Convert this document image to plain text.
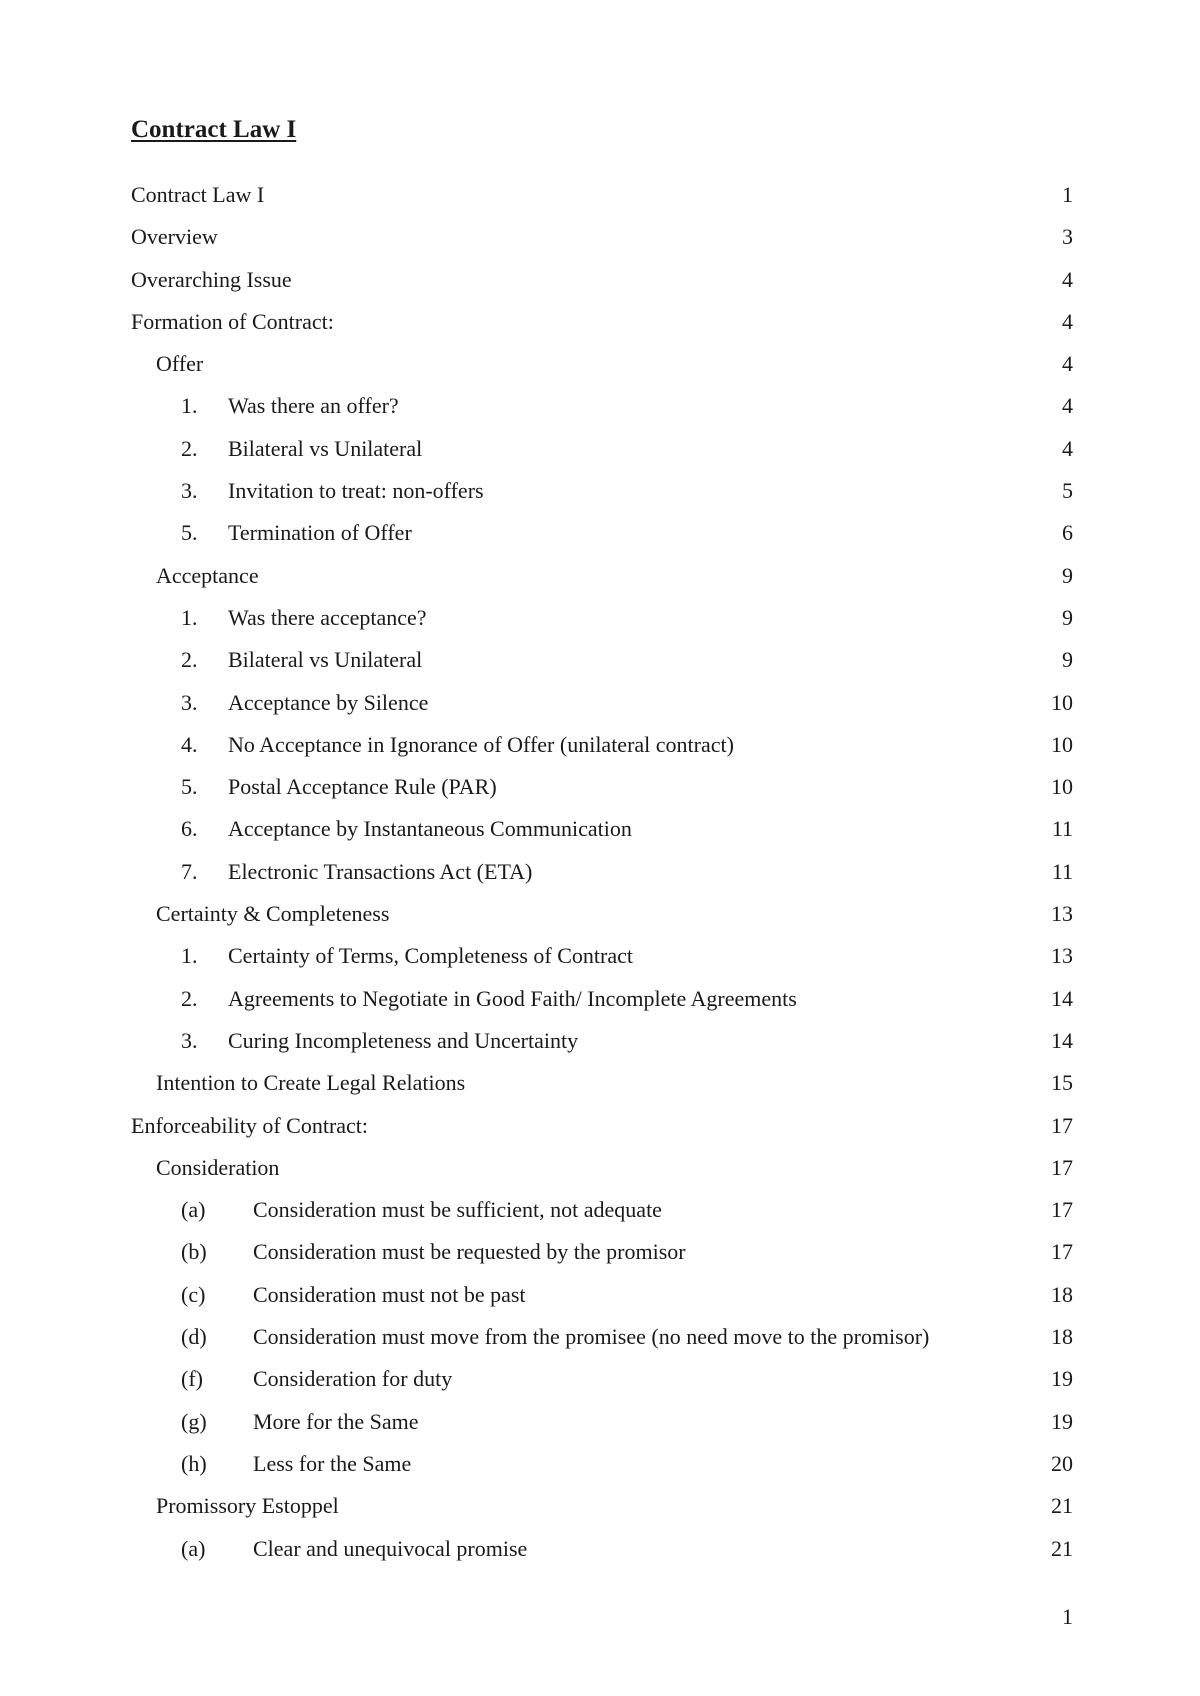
Contract Law I
Contract Law I	1
Overview	3
Overarching Issue	4
Formation of Contract:	4
Offer	4
1. Was there an offer?	4
2. Bilateral vs Unilateral	4
3. Invitation to treat: non-offers	5
5. Termination of Offer	6
Acceptance	9
1. Was there acceptance?	9
2. Bilateral vs Unilateral	9
3. Acceptance by Silence	10
4. No Acceptance in Ignorance of Offer (unilateral contract)	10
5. Postal Acceptance Rule (PAR)	10
6. Acceptance by Instantaneous Communication	11
7. Electronic Transactions Act (ETA)	11
Certainty & Completeness	13
1. Certainty of Terms, Completeness of Contract	13
2. Agreements to Negotiate in Good Faith/ Incomplete Agreements	14
3. Curing Incompleteness and Uncertainty	14
Intention to Create Legal Relations	15
Enforceability of Contract:	17
Consideration	17
(a) Consideration must be sufficient, not adequate	17
(b) Consideration must be requested by the promisor	17
(c) Consideration must not be past	18
(d) Consideration must move from the promisee (no need move to the promisor)	18
(f) Consideration for duty	19
(g) More for the Same	19
(h) Less for the Same	20
Promissory Estoppel	21
(a) Clear and unequivocal promise	21
1
